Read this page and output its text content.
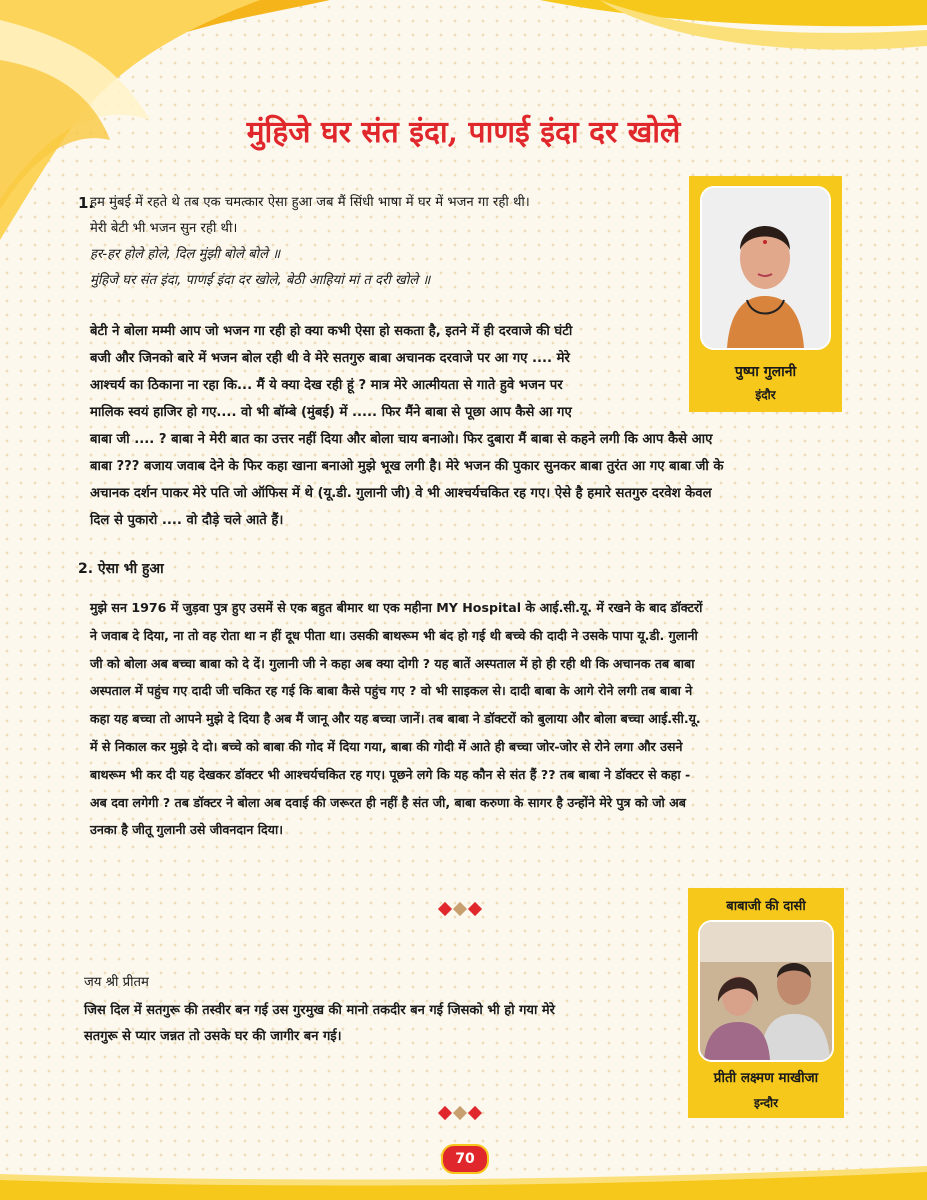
मुंहिजे घर संत इंदा, पाणई इंदा दर खोले
1.
हम मुंबई में रहते थे तब एक चमत्कार ऐसा हुआ जब मैं सिंधी भाषा में घर में भजन गा रही थी।
मेरी बेटी भी भजन सुन रही थी।
हर-हर होले होले, दिल मुंझी बोले बोले ॥
मुंहिजे घर संत इंदा, पाणई इंदा दर खोले, बेठी आहियां मां त दरी खोले ॥
बेटी ने बोला मम्मी आप जो भजन गा रही हो क्या कभी ऐसा हो सकता है, इतने में ही दरवाजे की घंटी
बजी और जिनको बारे में भजन बोल रही थी वे मेरे सतगुरु बाबा अचानक दरवाजे पर आ गए .... मेरे
आश्चर्य का ठिकाना ना रहा कि... मैं ये क्या देख रही हूं ? मात्र मेरे आत्मीयता से गाते हुवे भजन पर
मालिक स्वयं हाजिर हो गए.... वो भी बॉम्बे (मुंबई) में ..... फिर मैंने बाबा से पूछा आप कैसे आ गए
बाबा जी .... ? बाबा ने मेरी बात का उत्तर नहीं दिया और बोला चाय बनाओ। फिर दुबारा मैं बाबा से कहने लगी कि आप कैसे आए
बाबा ??? बजाय जवाब देने के फिर कहा खाना बनाओ मुझे भूख लगी है। मेरे भजन की पुकार सुनकर बाबा तुरंत आ गए बाबा जी के
अचानक दर्शन पाकर मेरे पति जो ऑफिस में थे (यू.डी. गुलानी जी) वे भी आश्चर्यचकित रह गए। ऐसे है हमारे सतगुरु दरवेश केवल
दिल से पुकारो .... वो दौड़े चले आते हैं।
पुष्पा गुलानी
इंदौर
2. ऐसा भी हुआ
मुझे सन 1976 में जुड़वा पुत्र हुए उसमें से एक बहुत बीमार था एक महीना MY Hospital के आई.सी.यू. में रखने के बाद डॉक्टरों
ने जवाब दे दिया, ना तो वह रोता था न हीं दूध पीता था। उसकी बाथरूम भी बंद हो गई थी बच्चे की दादी ने उसके पापा यू.डी. गुलानी
जी को बोला अब बच्चा बाबा को दे दें। गुलानी जी ने कहा अब क्या दोगी ? यह बातें अस्पताल में हो ही रही थी कि अचानक तब बाबा
अस्पताल में पहुंच गए दादी जी चकित रह गई कि बाबा कैसे पहुंच गए ? वो भी साइकल से। दादी बाबा के आगे रोने लगी तब बाबा ने
कहा यह बच्चा तो आपने मुझे दे दिया है अब मैं जानू और यह बच्चा जानें। तब बाबा ने डॉक्टरों को बुलाया और बोला बच्चा आई.सी.यू.
में से निकाल कर मुझे दे दो। बच्चे को बाबा की गोद में दिया गया, बाबा की गोदी में आते ही बच्चा जोर-जोर से रोने लगा और उसने
बाथरूम भी कर दी यह देखकर डॉक्टर भी आश्चर्यचकित रह गए। पूछने लगे कि यह कौन से संत हैं ?? तब बाबा ने डॉक्टर से कहा -
अब दवा लगेगी ? तब डॉक्टर ने बोला अब दवाई की जरूरत ही नहीं है संत जी, बाबा करुणा के सागर है उन्होंने मेरे पुत्र को जो अब
उनका है जीतू गुलानी उसे जीवनदान दिया।
जय श्री प्रीतम
जिस दिल में सतगुरू की तस्वीर बन गई उस गुरमुख की मानो तकदीर बन गई जिसको भी हो गया मेरे
सतगुरू से प्यार जन्नत तो उसके घर की जागीर बन गई।
बाबाजी की दासी
प्रीती लक्ष्मण माखीजा
इन्दौर
70
